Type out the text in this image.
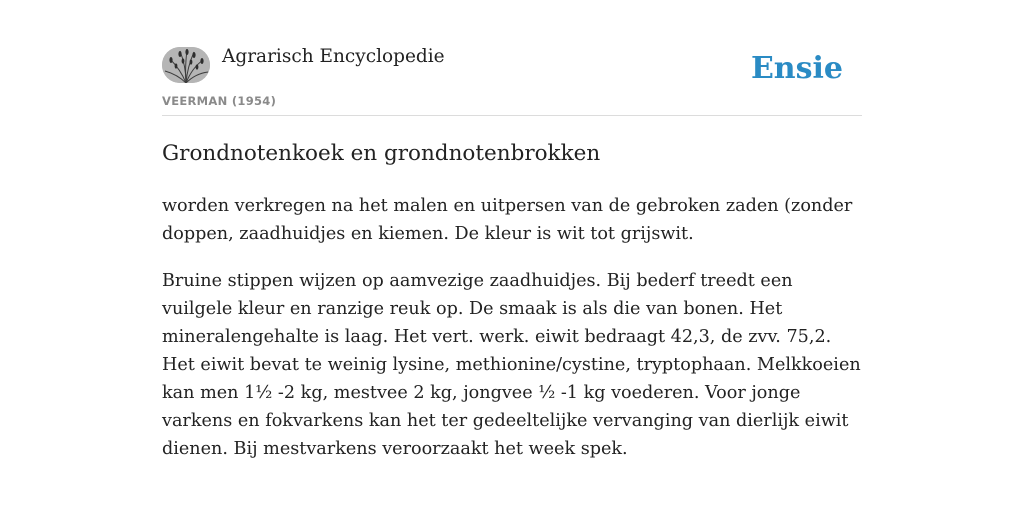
Agrarisch Encyclopedie
VEERMAN (1954)
Ensie
Grondnotenkoek en grondnotenbrokken

worden verkregen na het malen en uitpersen van de gebroken zaden (zonder doppen, zaadhuidjes en kiemen. De kleur is wit tot grijswit.

Bruine stippen wijzen op aamvezige zaadhuidjes. Bij bederf treedt een vuilgele kleur en ranzige reuk op. De smaak is als die van bonen. Het mineralengehalte is laag. Het vert. werk. eiwit bedraagt 42,3, de zvv. 75,2. Het eiwit bevat te weinig lysine, methionine/cystine, tryptophaan. Melkkoeien kan men 1½ -2 kg, mestvee 2 kg, jongvee ½ -1 kg voederen. Voor jonge varkens en fokvarkens kan het ter gedeeltelijke vervanging van dierlijk eiwit dienen. Bij mestvarkens veroorzaakt het week spek.
